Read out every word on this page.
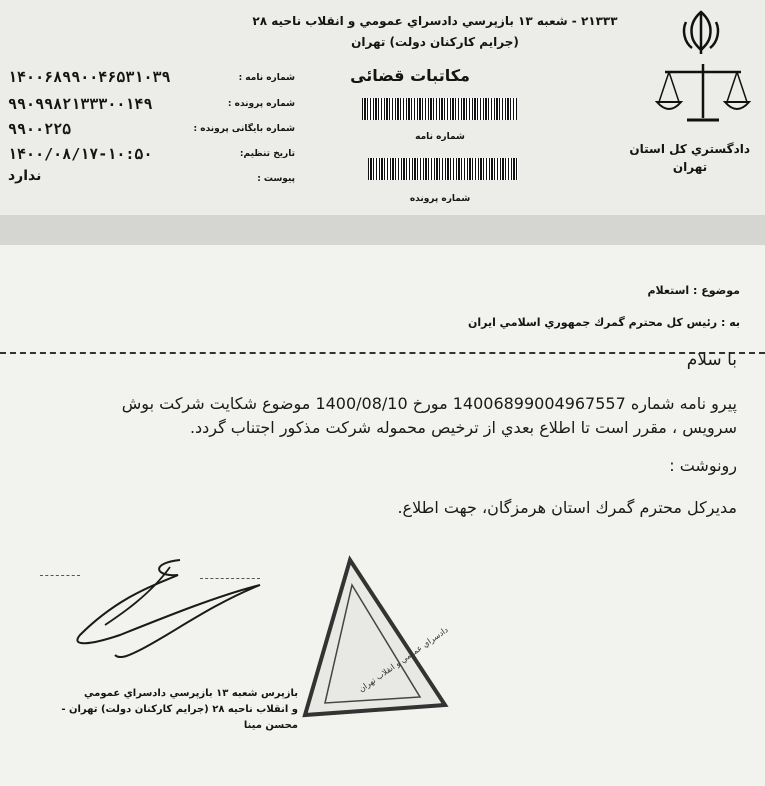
دادگستري كل استان
تهران
۲۱۳۳۳ - شعبه ۱۳ بازپرسي دادسراي عمومي و انقلاب ناحيه ۲۸
(جرايم كاركنان دولت) تهران
مكاتبات قضائی
شماره نامه
شماره پرونده
شماره نامه :
۱۴۰۰۶۸۹۹۰۰۴۶۵۳۱۰۳۹
شماره پرونده :
۹۹۰۹۹۸۲۱۳۳۳۰۰۱۴۹
شماره بایگانی پرونده :
۹۹۰۰۲۲۵
تاریخ تنظیم:
۱۴۰۰/۰۸/۱۷-۱۰:۵۰
پیوست :
ندارد
موضوع : استعلام
به : رئیس كل محترم گمرك جمهوري اسلامي ايران
با سلام
پيرو نامه شماره 14006899004967557 مورخ 1400/08/10 موضوع شكايت شركت بوش
سرويس ، مقرر است تا اطلاع بعدي از ترخيص محموله شركت مذكور اجتناب گردد.
رونوشت :
مديركل محترم گمرك استان هرمزگان، جهت اطلاع.
دادسراي عمومي و انقلاب تهران
بازپرس شعبه ۱۳ بازپرسي دادسراي عمومي
و انقلاب ناحيه ۲۸ (جرايم كاركنان دولت) تهران -
محسن مينا
